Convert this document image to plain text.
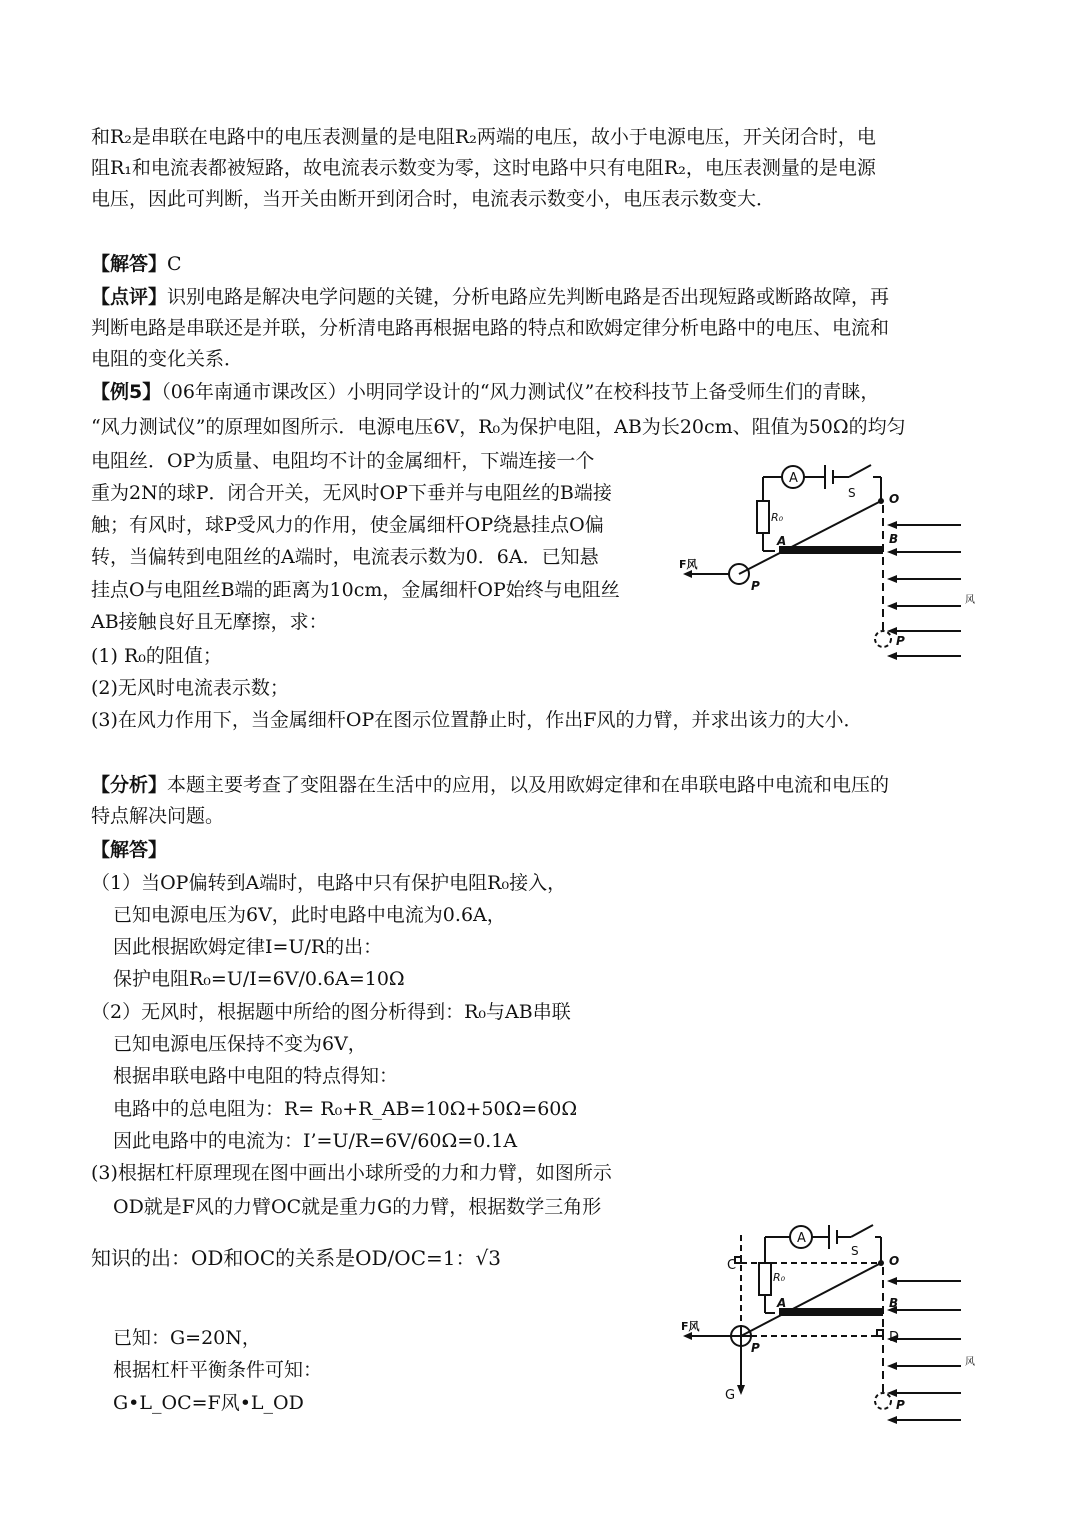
和R₂是串联在电路中的电压表测量的是电阻R₂两端的电压，故小于电源电压，开关闭合时，电
阻R₁和电流表都被短路，故电流表示数变为零，这时电路中只有电阻R₂，电压表测量的是电源
电压，因此可判断，当开关由断开到闭合时，电流表示数变小，电压表示数变大．
【解答】C
【点评】识别电路是解决电学问题的关键，分析电路应先判断电路是否出现短路或断路故障，再
判断电路是串联还是并联，分析清电路再根据电路的特点和欧姆定律分析电路中的电压、电流和
电阻的变化关系．
【例5】（06年南通市课改区）小明同学设计的“风力测试仪”在校科技节上备受师生们的青睐，
“风力测试仪”的原理如图所示．电源电压6V，R₀为保护电阻，AB为长20cm、阻值为50Ω的均匀
电阻丝．OP为质量、电阻均不计的金属细杆，下端连接一个
重为2N的球P．闭合开关，无风时OP下垂并与电阻丝的B端接
触；有风时，球P受风力的作用，使金属细杆OP绕悬挂点O偏
转，当偏转到电阻丝的A端时，电流表示数为0．6A．已知悬
挂点O与电阻丝B端的距离为10cm，金属细杆OP始终与电阻丝
AB接触良好且无摩擦，求：
(1) R₀的阻值；
(2)无风时电流表示数；
(3)在风力作用下，当金属细杆OP在图示位置静止时，作出F风的力臂，并求出该力的大小．
A
S
R₀
O
A	B
P
P
F风
风
【分析】本题主要考查了变阻器在生活中的应用，以及用欧姆定律和在串联电路中电流和电压的
特点解决问题。
【解答】
（1）当OP偏转到A端时，电路中只有保护电阻R₀接入，
已知电源电压为6V，此时电路中电流为0.6A，
因此根据欧姆定律I=U/R的出：
保护电阻R₀=U/I=6V/0.6A=10Ω
（2）无风时，根据题中所给的图分析得到：R₀与AB串联
已知电源电压保持不变为6V，
根据串联电路中电阻的特点得知：
电路中的总电阻为：R= R₀+R_AB=10Ω+50Ω=60Ω
因此电路中的电流为：I’=U/R=6V/60Ω=0.1A
(3)根据杠杆原理现在图中画出小球所受的力和力臂，如图所示
OD就是F风的力臂OC就是重力G的力臂，根据数学三角形
知识的出：OD和OC的关系是OD/OC=1：√3
已知：G=20N，
根据杠杆平衡条件可知：
G•L_OC=F风•L_OD
A
S
R₀
O
A	B
P
P
F风
风
C
D
G
